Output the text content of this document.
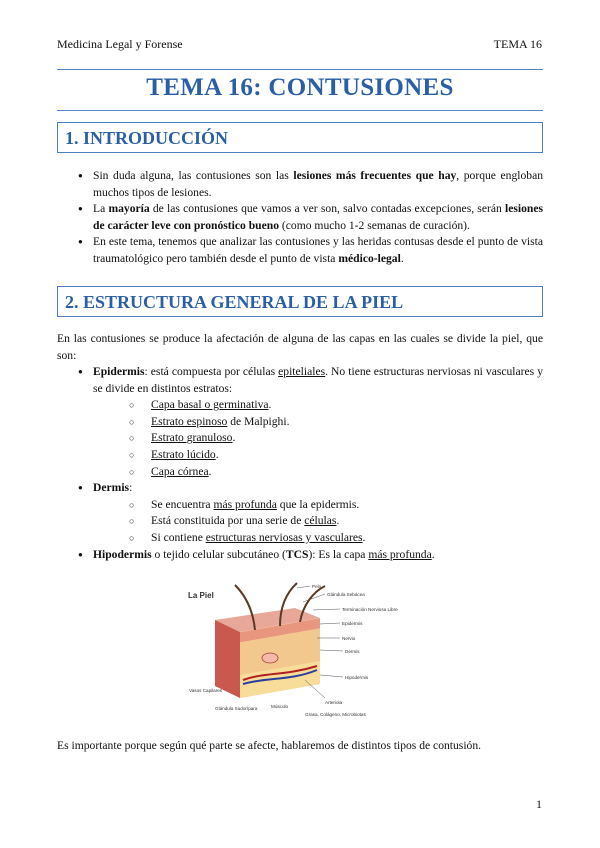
Medicina Legal y Forense	TEMA 16
TEMA 16: CONTUSIONES
1. INTRODUCCIÓN
● Sin duda alguna, las contusiones son las lesiones más frecuentes que hay, porque engloban muchos tipos de lesiones.
● La mayoría de las contusiones que vamos a ver son, salvo contadas excepciones, serán lesiones de carácter leve con pronóstico bueno (como mucho 1-2 semanas de curación).
● En este tema, tenemos que analizar las contusiones y las heridas contusas desde el punto de vista traumatológico pero también desde el punto de vista médico-legal.
2. ESTRUCTURA GENERAL DE LA PIEL
En las contusiones se produce la afectación de alguna de las capas en las cuales se divide la piel, que son:
● Epidermis: está compuesta por células epiteliales. No tiene estructuras nerviosas ni vasculares y se divide en distintos estratos:
○ Capa basal o germinativa.
○ Estrato espinoso de Malpighi.
○ Estrato granuloso.
○ Estrato lúcido.
○ Capa córnea.
● Dermis:
○ Se encuentra más profunda que la epidermis.
○ Está constituida por una serie de células.
○ Si contiene estructuras nerviosas y vasculares.
● Hipodermis o tejido celular subcutáneo (TCS): Es la capa más profunda.
La Piel
Pelo
Glándula Sebácea
Terminación Nerviosa Libre
Epidermis
Nervio
Dermis
Hipodermis
Arteriola
Vasos Capilares
Glándula Sudorípara	Músculo
Grasa, Colágeno, Microbiotas
Es importante porque según qué parte se afecte, hablaremos de distintos tipos de contusión.
1
